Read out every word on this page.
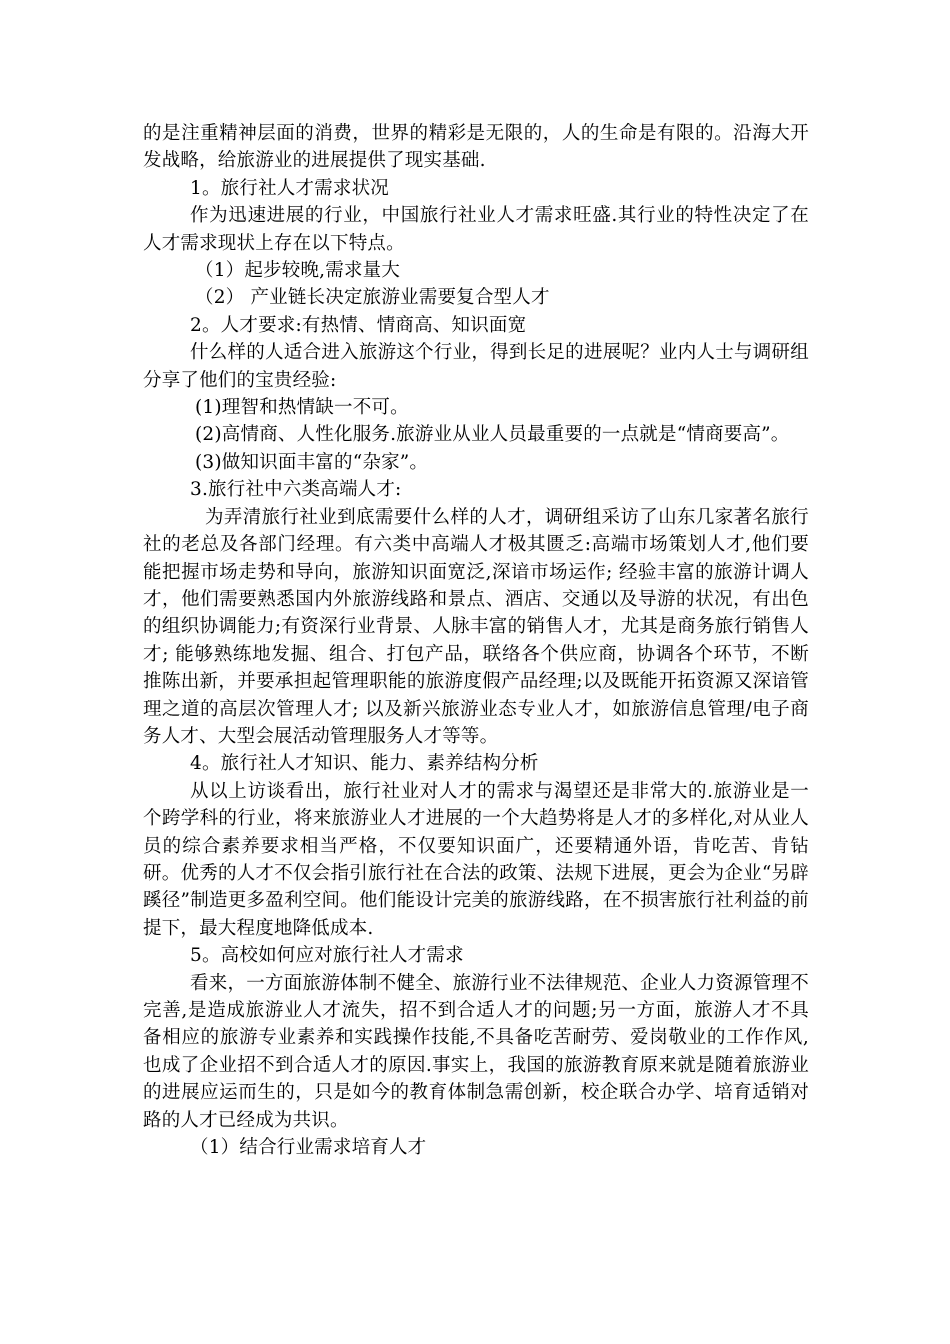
的是注重精神层面的消费，世界的精彩是无限的，人的生命是有限的。沿海大开发战略，给旅游业的进展提供了现实基础.

1。旅行社人才需求状况

作为迅速进展的行业，中国旅行社业人才需求旺盛.其行业的特性决定了在人才需求现状上存在以下特点。

（1）起步较晚,需求量大

（2） 产业链长决定旅游业需要复合型人才

2。人才要求:有热情、情商高、知识面宽

什么样的人适合进入旅游这个行业，得到长足的进展呢？业内人士与调研组分享了他们的宝贵经验:

(1)理智和热情缺一不可。

(2)高情商、人性化服务.旅游业从业人员最重要的一点就是“情商要高”。

(3)做知识面丰富的“杂家”。

3.旅行社中六类高端人才:

为弄清旅行社业到底需要什么样的人才，调研组采访了山东几家著名旅行社的老总及各部门经理。有六类中高端人才极其匮乏:高端市场策划人才,他们要能把握市场走势和导向，旅游知识面宽泛,深谙市场运作; 经验丰富的旅游计调人才，他们需要熟悉国内外旅游线路和景点、酒店、交通以及导游的状况，有出色的组织协调能力;有资深行业背景、人脉丰富的销售人才，尤其是商务旅行销售人才; 能够熟练地发掘、组合、打包产品，联络各个供应商，协调各个环节，不断推陈出新，并要承担起管理职能的旅游度假产品经理;以及既能开拓资源又深谙管理之道的高层次管理人才; 以及新兴旅游业态专业人才，如旅游信息管理/电子商务人才、大型会展活动管理服务人才等等。

4。旅行社人才知识、能力、素养结构分析

从以上访谈看出，旅行社业对人才的需求与渴望还是非常大的.旅游业是一个跨学科的行业，将来旅游业人才进展的一个大趋势将是人才的多样化,对从业人员的综合素养要求相当严格，不仅要知识面广，还要精通外语，肯吃苦、肯钻研。优秀的人才不仅会指引旅行社在合法的政策、法规下进展，更会为企业“另辟蹊径”制造更多盈利空间。他们能设计完美的旅游线路，在不损害旅行社利益的前提下，最大程度地降低成本.

5。高校如何应对旅行社人才需求

看来，一方面旅游体制不健全、旅游行业不法律规范、企业人力资源管理不完善,是造成旅游业人才流失，招不到合适人才的问题;另一方面，旅游人才不具备相应的旅游专业素养和实践操作技能,不具备吃苦耐劳、爱岗敬业的工作作风,也成了企业招不到合适人才的原因.事实上，我国的旅游教育原来就是随着旅游业的进展应运而生的，只是如今的教育体制急需创新，校企联合办学、培育适销对路的人才已经成为共识。

（1）结合行业需求培育人才
